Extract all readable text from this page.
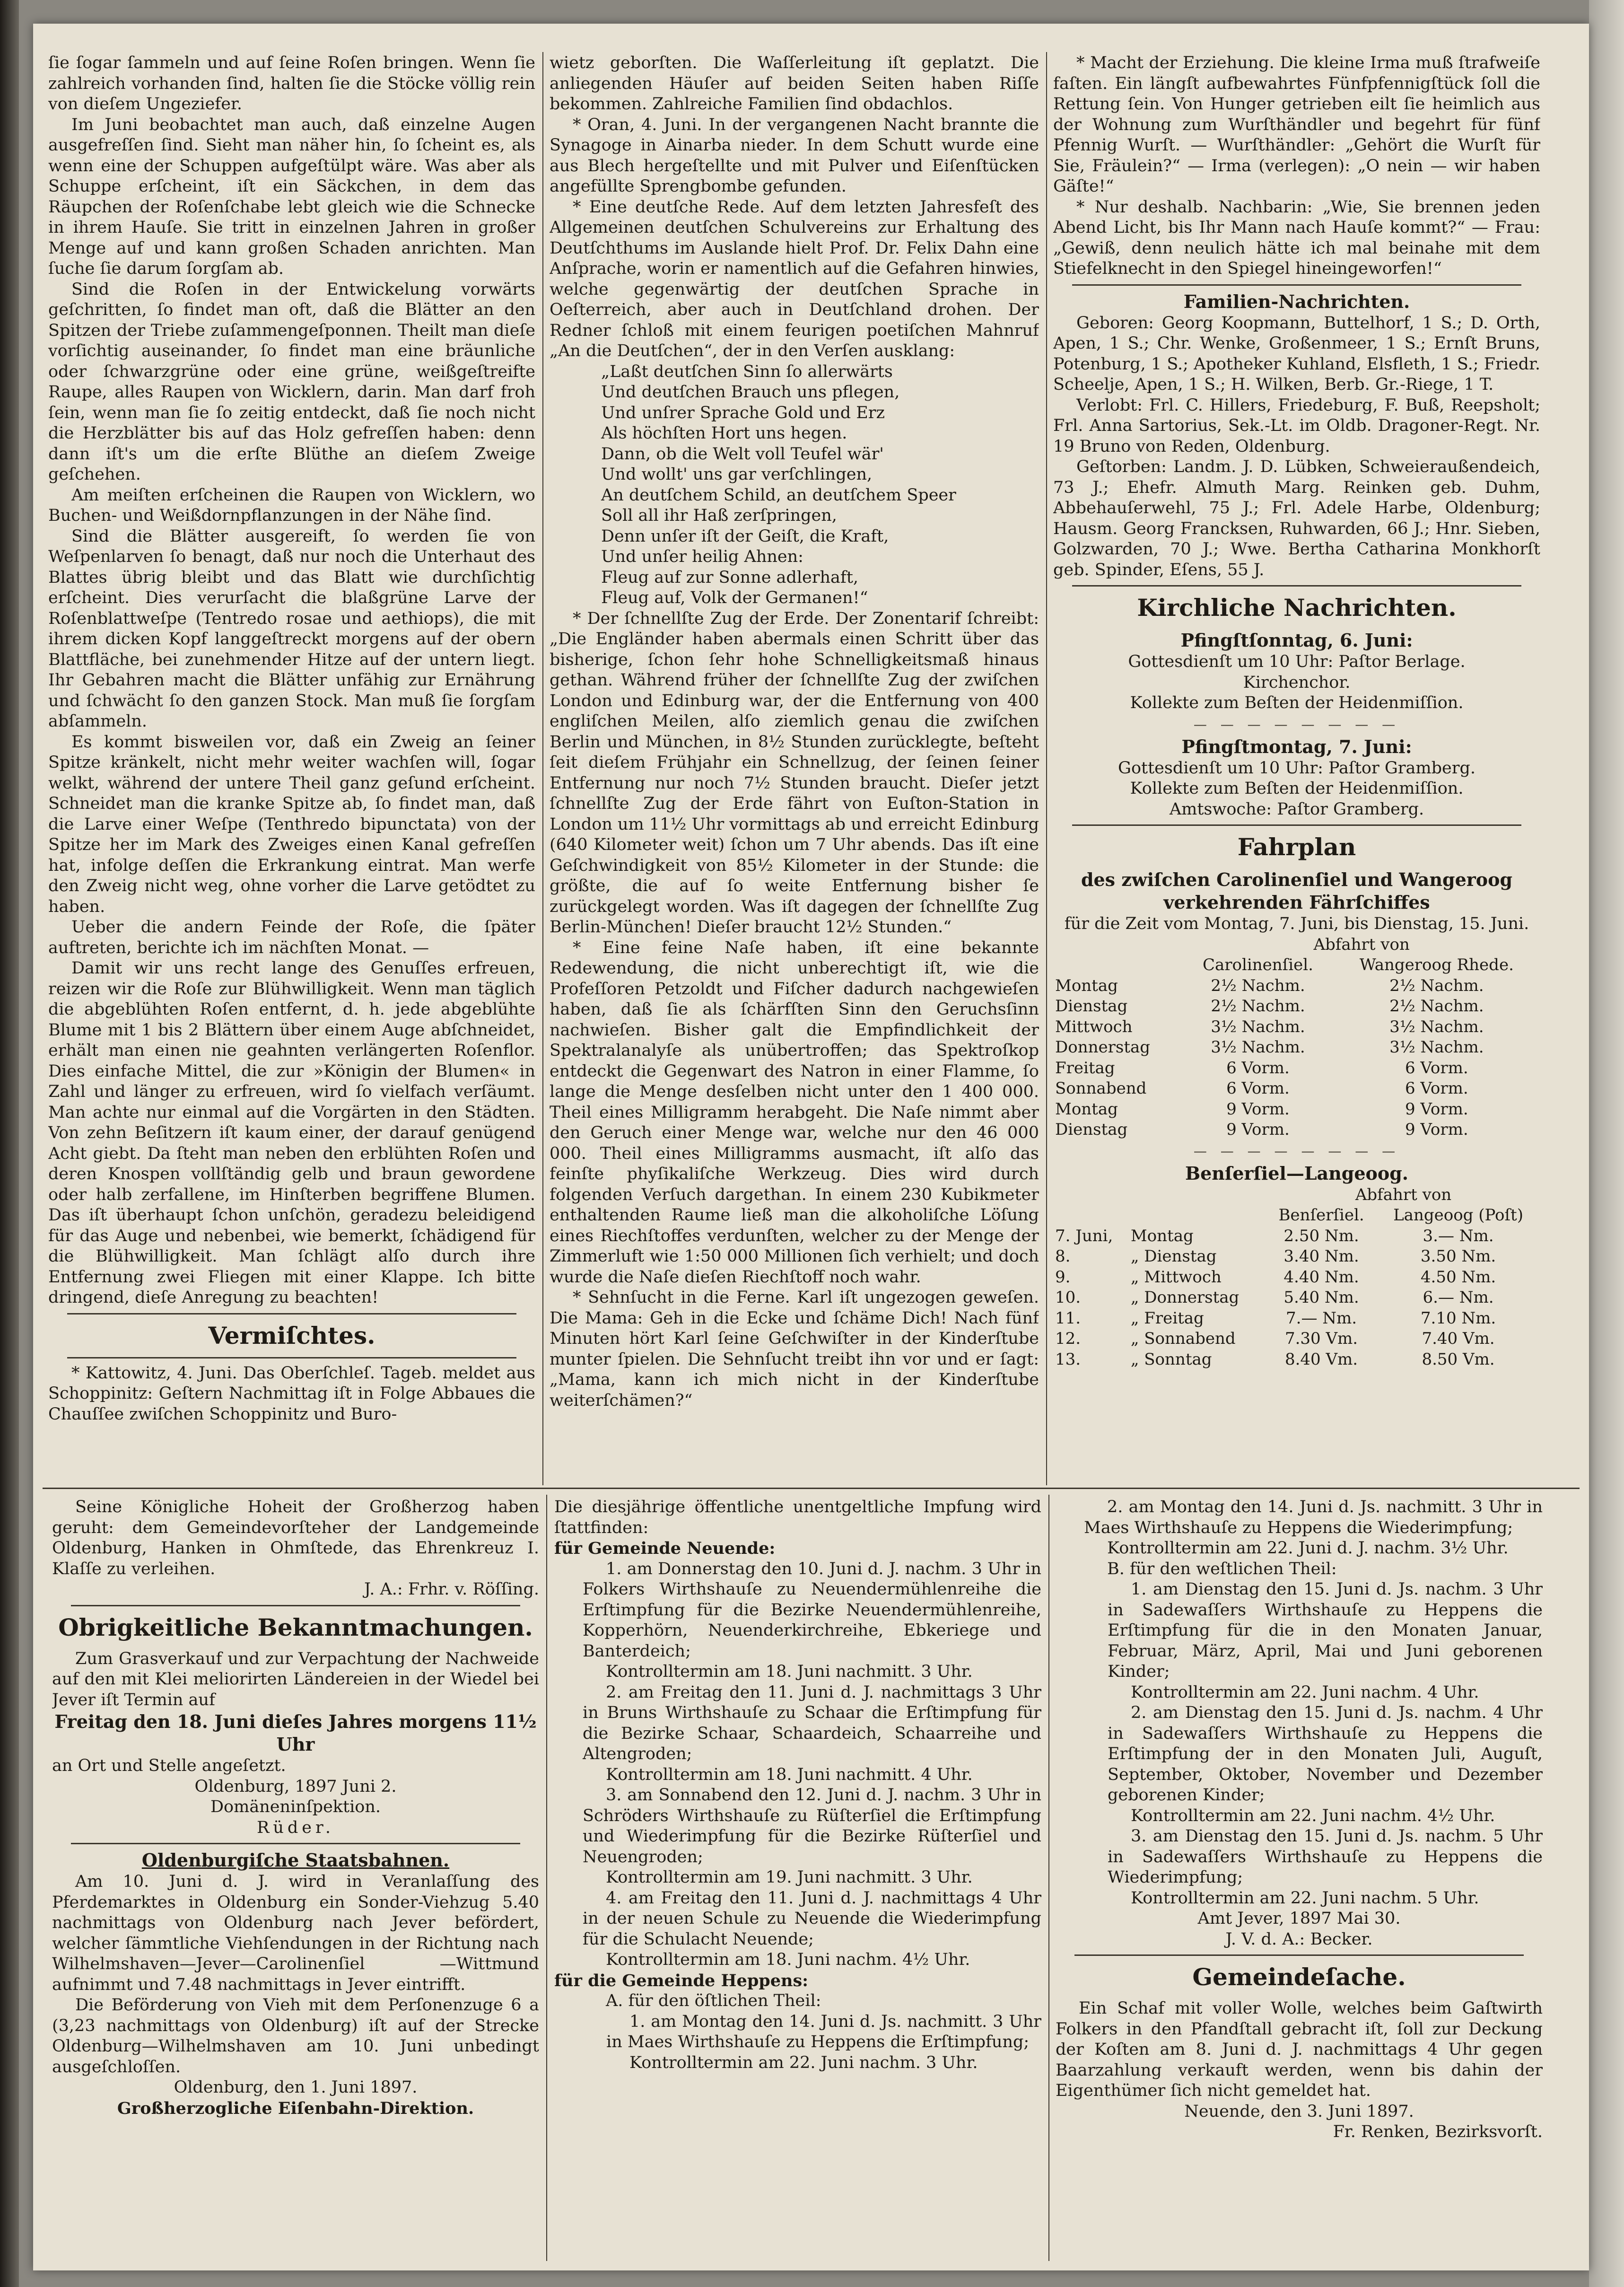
ſie ſogar ſammeln und auf ſeine Roſen bringen. Wenn ſie zahlreich vorhanden ſind, halten ſie die Stöcke völlig rein von dieſem Ungeziefer.

Im Juni beobachtet man auch, daß einzelne Augen ausgefreſſen ſind. Sieht man näher hin, ſo ſcheint es, als wenn eine der Schuppen aufgeſtülpt wäre. Was aber als Schuppe erſcheint, iſt ein Säckchen, in dem das Räupchen der Roſenſchabe lebt gleich wie die Schnecke in ihrem Hauſe. Sie tritt in einzelnen Jahren in großer Menge auf und kann großen Schaden anrichten. Man ſuche ſie darum ſorgſam ab.

Sind die Roſen in der Entwickelung vorwärts geſchritten, ſo findet man oft, daß die Blätter an den Spitzen der Triebe zuſammengeſponnen. Theilt man dieſe vorſichtig auseinander, ſo findet man eine bräunliche oder ſchwarzgrüne oder eine grüne, weißgeſtreifte Raupe, alles Raupen von Wicklern, darin. Man darf froh ſein, wenn man ſie ſo zeitig entdeckt, daß ſie noch nicht die Herzblätter bis auf das Holz gefreſſen haben: denn dann iſt's um die erſte Blüthe an dieſem Zweige geſchehen.

Am meiſten erſcheinen die Raupen von Wicklern, wo Buchen- und Weißdornpflanzungen in der Nähe ſind.

Sind die Blätter ausgereift, ſo werden ſie von Weſpenlarven ſo benagt, daß nur noch die Unterhaut des Blattes übrig bleibt und das Blatt wie durchſichtig erſcheint. Dies verurſacht die blaßgrüne Larve der Roſenblattweſpe (Tentredo rosae und aethiops), die mit ihrem dicken Kopf langgeſtreckt morgens auf der obern Blattfläche, bei zunehmender Hitze auf der untern liegt. Ihr Gebahren macht die Blätter unfähig zur Ernährung und ſchwächt ſo den ganzen Stock. Man muß ſie ſorgſam abſammeln.

Es kommt bisweilen vor, daß ein Zweig an ſeiner Spitze kränkelt, nicht mehr weiter wachſen will, ſogar welkt, während der untere Theil ganz geſund erſcheint. Schneidet man die kranke Spitze ab, ſo findet man, daß die Larve einer Weſpe (Tenthredo bipunctata) von der Spitze her im Mark des Zweiges einen Kanal gefreſſen hat, infolge deſſen die Erkrankung eintrat. Man werfe den Zweig nicht weg, ohne vorher die Larve getödtet zu haben.

Ueber die andern Feinde der Roſe, die ſpäter auftreten, berichte ich im nächſten Monat. —

Damit wir uns recht lange des Genuſſes erfreuen, reizen wir die Roſe zur Blühwilligkeit. Wenn man täglich die abgeblühten Roſen entfernt, d. h. jede abgeblühte Blume mit 1 bis 2 Blättern über einem Auge abſchneidet, erhält man einen nie geahnten verlängerten Roſenflor. Dies einfache Mittel, die zur »Königin der Blumen« in Zahl und länger zu erfreuen, wird ſo vielfach verſäumt. Man achte nur einmal auf die Vorgärten in den Städten. Von zehn Beſitzern iſt kaum einer, der darauf genügend Acht giebt. Da ſteht man neben den erblühten Roſen und deren Knospen vollſtändig gelb und braun gewordene oder halb zerfallene, im Hinſterben begriffene Blumen. Das iſt überhaupt ſchon unſchön, geradezu beleidigend für das Auge und nebenbei, wie bemerkt, ſchädigend für die Blühwilligkeit. Man ſchlägt alſo durch ihre Entfernung zwei Fliegen mit einer Klappe. Ich bitte dringend, dieſe Anregung zu beachten!

Vermiſchtes.

* Kattowitz, 4. Juni. Das Oberſchleſ. Tageb. meldet aus Schoppinitz: Geſtern Nachmittag iſt in Folge Abbaues die Chauſſee zwiſchen Schoppinitz und Buro-

wietz geborſten. Die Waſſerleitung iſt geplatzt. Die anliegenden Häuſer auf beiden Seiten haben Riſſe bekommen. Zahlreiche Familien ſind obdachlos.

* Oran, 4. Juni. In der vergangenen Nacht brannte die Synagoge in Ainarba nieder. In dem Schutt wurde eine aus Blech hergeſtellte und mit Pulver und Eiſenſtücken angefüllte Sprengbombe gefunden.

* Eine deutſche Rede. Auf dem letzten Jahresfeſt des Allgemeinen deutſchen Schulvereins zur Erhaltung des Deutſchthums im Auslande hielt Prof. Dr. Felix Dahn eine Anſprache, worin er namentlich auf die Gefahren hinwies, welche gegenwärtig der deutſchen Sprache in Oeſterreich, aber auch in Deutſchland drohen. Der Redner ſchloß mit einem feurigen poetiſchen Mahnruf „An die Deutſchen“, der in den Verſen ausklang:

„Laßt deutſchen Sinn ſo allerwärts

Und deutſchen Brauch uns pflegen,

Und unſrer Sprache Gold und Erz

Als höchſten Hort uns hegen.

Dann, ob die Welt voll Teufel wär'

Und wollt' uns gar verſchlingen,

An deutſchem Schild, an deutſchem Speer

Soll all ihr Haß zerſpringen,

Denn unſer iſt der Geiſt, die Kraft,

Und unſer heilig Ahnen:

Fleug auf zur Sonne adlerhaft,

Fleug auf, Volk der Germanen!“

* Der ſchnellſte Zug der Erde. Der Zonentarif ſchreibt: „Die Engländer haben abermals einen Schritt über das bisherige, ſchon ſehr hohe Schnelligkeitsmaß hinaus gethan. Während früher der ſchnellſte Zug der zwiſchen London und Edinburg war, der die Entfernung von 400 engliſchen Meilen, alſo ziemlich genau die zwiſchen Berlin und München, in 8½ Stunden zurücklegte, beſteht ſeit dieſem Frühjahr ein Schnellzug, der ſeinen ſeiner Entfernung nur noch 7½ Stunden braucht. Dieſer jetzt ſchnellſte Zug der Erde fährt von Euſton-Station in London um 11½ Uhr vormittags ab und erreicht Edinburg (640 Kilometer weit) ſchon um 7 Uhr abends. Das iſt eine Geſchwindigkeit von 85½ Kilometer in der Stunde: die größte, die auf ſo weite Entfernung bisher ſe zurückgelegt worden. Was iſt dagegen der ſchnellſte Zug Berlin-München! Dieſer braucht 12½ Stunden.“

* Eine feine Naſe haben, iſt eine bekannte Redewendung, die nicht unberechtigt iſt, wie die Profeſſoren Petzoldt und Fiſcher dadurch nachgewieſen haben, daß ſie als ſchärfſten Sinn den Geruchsſinn nachwieſen. Bisher galt die Empfindlichkeit der Spektralanalyſe als unübertroffen; das Spektroſkop entdeckt die Gegenwart des Natron in einer Flamme, ſo lange die Menge desſelben nicht unter den 1 400 000. Theil eines Milligramm herabgeht. Die Naſe nimmt aber den Geruch einer Menge war, welche nur den 46 000 000. Theil eines Milligramms ausmacht, iſt alſo das feinſte phyſikaliſche Werkzeug. Dies wird durch folgenden Verſuch dargethan. In einem 230 Kubikmeter enthaltenden Raume ließ man die alkoholiſche Löſung eines Riechſtoffes verdunſten, welcher zu der Menge der Zimmerluft wie 1:50 000 Millionen ſich verhielt; und doch wurde die Naſe dieſen Riechſtoff noch wahr.

* Sehnſucht in die Ferne. Karl iſt ungezogen geweſen. Die Mama: Geh in die Ecke und ſchäme Dich! Nach fünf Minuten hört Karl ſeine Geſchwiſter in der Kinderſtube munter ſpielen. Die Sehnſucht treibt ihn vor und er ſagt: „Mama, kann ich mich nicht in der Kinderſtube weiterſchämen?“

* Macht der Erziehung. Die kleine Irma muß ſtrafweiſe faſten. Ein längſt aufbewahrtes Fünfpfennigſtück ſoll die Rettung ſein. Von Hunger getrieben eilt ſie heimlich aus der Wohnung zum Wurſthändler und begehrt für fünf Pfennig Wurſt. — Wurſthändler: „Gehört die Wurſt für Sie, Fräulein?“ — Irma (verlegen): „O nein — wir haben Gäſte!“

* Nur deshalb. Nachbarin: „Wie, Sie brennen jeden Abend Licht, bis Ihr Mann nach Hauſe kommt?“ — Frau: „Gewiß, denn neulich hätte ich mal beinahe mit dem Stiefelknecht in den Spiegel hineingeworfen!“

Familien-Nachrichten.

Geboren: Georg Koopmann, Buttelhorf, 1 S.; D. Orth, Apen, 1 S.; Chr. Wenke, Großenmeer, 1 S.; Ernſt Bruns, Potenburg, 1 S.; Apotheker Kuhland, Elsfleth, 1 S.; Friedr. Scheelje, Apen, 1 S.; H. Wilken, Berb. Gr.-Riege, 1 T.

Verlobt: Frl. C. Hillers, Friedeburg, F. Buß, Reepsholt; Frl. Anna Sartorius, Sek.-Lt. im Oldb. Dragoner-Regt. Nr. 19 Bruno von Reden, Oldenburg.

Geſtorben: Landm. J. D. Lübken, Schweieraußendeich, 73 J.; Ehefr. Almuth Marg. Reinken geb. Duhm, Abbehauſerwehl, 75 J.; Frl. Adele Harbe, Oldenburg; Hausm. Georg Francksen, Ruhwarden, 66 J.; Hnr. Sieben, Golzwarden, 70 J.; Wwe. Bertha Catharina Monkhorſt geb. Spinder, Eſens, 55 J.

Kirchliche Nachrichten.
Pfingſtſonntag, 6. Juni:
Gottesdienſt um 10 Uhr: Paſtor Berlage.
Kirchenchor.
Kollekte zum Beſten der Heidenmiſſion.
— — — — — — — —
Pfingſtmontag, 7. Juni:
Gottesdienſt um 10 Uhr: Paſtor Gramberg.
Kollekte zum Beſten der Heidenmiſſion.
Amtswoche: Paſtor Gramberg.
Fahrplan
des zwiſchen Carolinenſiel und Wangeroog verkehrenden Fährſchiffes
für die Zeit vom Montag, 7. Juni, bis Dienstag, 15. Juni.
	Abfahrt von	
	Carolinenſiel.	Wangeroog Rhede.
Montag	2½ Nachm.	2½ Nachm.
Dienstag	2½ Nachm.	2½ Nachm.
Mittwoch	3½ Nachm.	3½ Nachm.
Donnerstag	3½ Nachm.	3½ Nachm.
Freitag	6 Vorm.	6 Vorm.
Sonnabend	6 Vorm.	6 Vorm.
Montag	9 Vorm.	9 Vorm.
Dienstag	9 Vorm.	9 Vorm.
— — — — — — — —
Benſerſiel—Langeoog.
		Abfahrt von	
		Benſerſiel.	Langeoog (Poſt)
7. Juni,	Montag	2.50 Nm.	3.— Nm.
8.	„ Dienstag	3.40 Nm.	3.50 Nm.
9.	„ Mittwoch	4.40 Nm.	4.50 Nm.
10.	„ Donnerstag	5.40 Nm.	6.— Nm.
11.	„ Freitag	7.— Nm.	7.10 Nm.
12.	„ Sonnabend	7.30 Vm.	7.40 Vm.
13.	„ Sonntag	8.40 Vm.	8.50 Vm.

Seine Königliche Hoheit der Großherzog haben geruht: dem Gemeindevorſteher der Landgemeinde Oldenburg, Hanken in Ohmſtede, das Ehrenkreuz I. Klaſſe zu verleihen.

J. A.: Frhr. v. Röſſing.
Obrigkeitliche Bekanntmachungen.

Zum Grasverkauf und zur Verpachtung der Nachweide auf den mit Klei meliorirten Ländereien in der Wiedel bei Jever iſt Termin auf

Freitag den 18. Juni dieſes Jahres morgens 11½ Uhr

an Ort und Stelle angeſetzt.

Oldenburg, 1897 Juni 2.
Domäneninſpektion.
Rüder.
Oldenburgiſche Staatsbahnen.

Am 10. Juni d. J. wird in Veranlaſſung des Pferdemarktes in Oldenburg ein Sonder-Viehzug 5.40 nachmittags von Oldenburg nach Jever befördert, welcher ſämmtliche Viehſendungen in der Richtung nach Wilhelmshaven—Jever—Carolinenſiel —Wittmund aufnimmt und 7.48 nachmittags in Jever eintrifft.

Die Beförderung von Vieh mit dem Perſonenzuge 6 a (3,23 nachmittags von Oldenburg) iſt auf der Strecke Oldenburg—Wilhelmshaven am 10. Juni unbedingt ausgeſchloſſen.

Oldenburg, den 1. Juni 1897.
Großherzogliche Eiſenbahn-Direktion.

Die diesjährige öffentliche unentgeltliche Impfung wird ſtattfinden:

für Gemeinde Neuende:

1. am Donnerstag den 10. Juni d. J. nachm. 3 Uhr in Folkers Wirthshauſe zu Neuendermühlenreihe die Erſtimpfung für die Bezirke Neuendermühlenreihe, Kopperhörn, Neuenderkirchreihe, Ebkeriege und Banterdeich;

Kontrolltermin am 18. Juni nachmitt. 3 Uhr.

2. am Freitag den 11. Juni d. J. nachmittags 3 Uhr in Bruns Wirthshauſe zu Schaar die Erſtimpfung für die Bezirke Schaar, Schaardeich, Schaarreihe und Altengroden;

Kontrolltermin am 18. Juni nachmitt. 4 Uhr.

3. am Sonnabend den 12. Juni d. J. nachm. 3 Uhr in Schröders Wirthshauſe zu Rüſterſiel die Erſtimpfung und Wiederimpfung für die Bezirke Rüſterſiel und Neuengroden;

Kontrolltermin am 19. Juni nachmitt. 3 Uhr.

4. am Freitag den 11. Juni d. J. nachmittags 4 Uhr in der neuen Schule zu Neuende die Wiederimpfung für die Schulacht Neuende;

Kontrolltermin am 18. Juni nachm. 4½ Uhr.

für die Gemeinde Heppens:

A. für den öſtlichen Theil:

1. am Montag den 14. Juni d. Js. nachmitt. 3 Uhr in Maes Wirthshauſe zu Heppens die Erſtimpfung;

Kontrolltermin am 22. Juni nachm. 3 Uhr.

2. am Montag den 14. Juni d. Js. nachmitt. 3 Uhr in Maes Wirthshauſe zu Heppens die Wiederimpfung;

Kontrolltermin am 22. Juni d. J. nachm. 3½ Uhr.

B. für den weſtlichen Theil:

1. am Dienstag den 15. Juni d. Js. nachm. 3 Uhr in Sadewaſſers Wirthshauſe zu Heppens die Erſtimpfung für die in den Monaten Januar, Februar, März, April, Mai und Juni geborenen Kinder;

Kontrolltermin am 22. Juni nachm. 4 Uhr.

2. am Dienstag den 15. Juni d. Js. nachm. 4 Uhr in Sadewaſſers Wirthshauſe zu Heppens die Erſtimpfung der in den Monaten Juli, Auguſt, September, Oktober, November und Dezember geborenen Kinder;

Kontrolltermin am 22. Juni nachm. 4½ Uhr.

3. am Dienstag den 15. Juni d. Js. nachm. 5 Uhr in Sadewaſſers Wirthshauſe zu Heppens die Wiederimpfung;

Kontrolltermin am 22. Juni nachm. 5 Uhr.

Amt Jever, 1897 Mai 30.
J. V. d. A.: Becker.
Gemeindeſache.

Ein Schaf mit voller Wolle, welches beim Gaſtwirth Folkers in den Pfandſtall gebracht iſt, ſoll zur Deckung der Koſten am 8. Juni d. J. nachmittags 4 Uhr gegen Baarzahlung verkauft werden, wenn bis dahin der Eigenthümer ſich nicht gemeldet hat.

Neuende, den 3. Juni 1897.
Fr. Renken, Bezirksvorſt.
